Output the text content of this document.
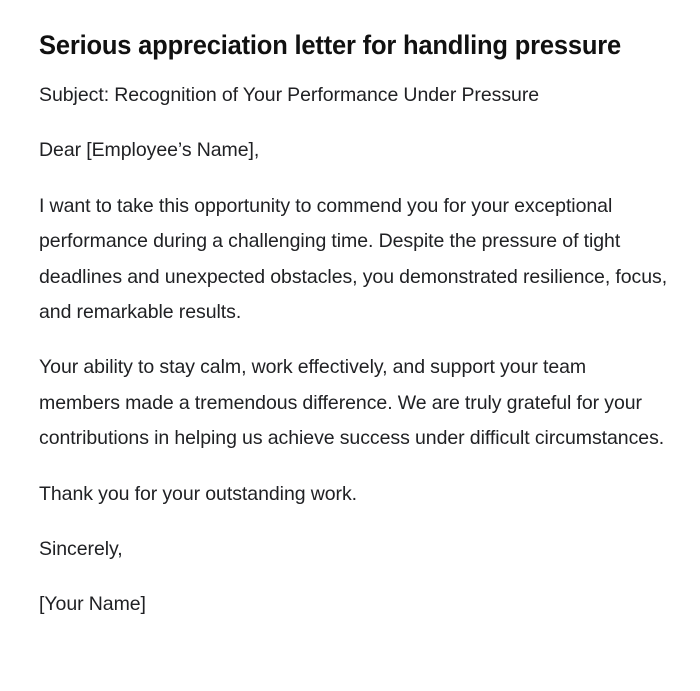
Serious appreciation letter for handling pressure

Subject: Recognition of Your Performance Under Pressure

Dear [Employee’s Name],

I want to take this opportunity to commend you for your exceptional performance during a challenging time. Despite the pressure of tight deadlines and unexpected obstacles, you demonstrated resilience, focus, and remarkable results.

Your ability to stay calm, work effectively, and support your team members made a tremendous difference. We are truly grateful for your contributions in helping us achieve success under difficult circumstances.

Thank you for your outstanding work.

Sincerely,

[Your Name]
